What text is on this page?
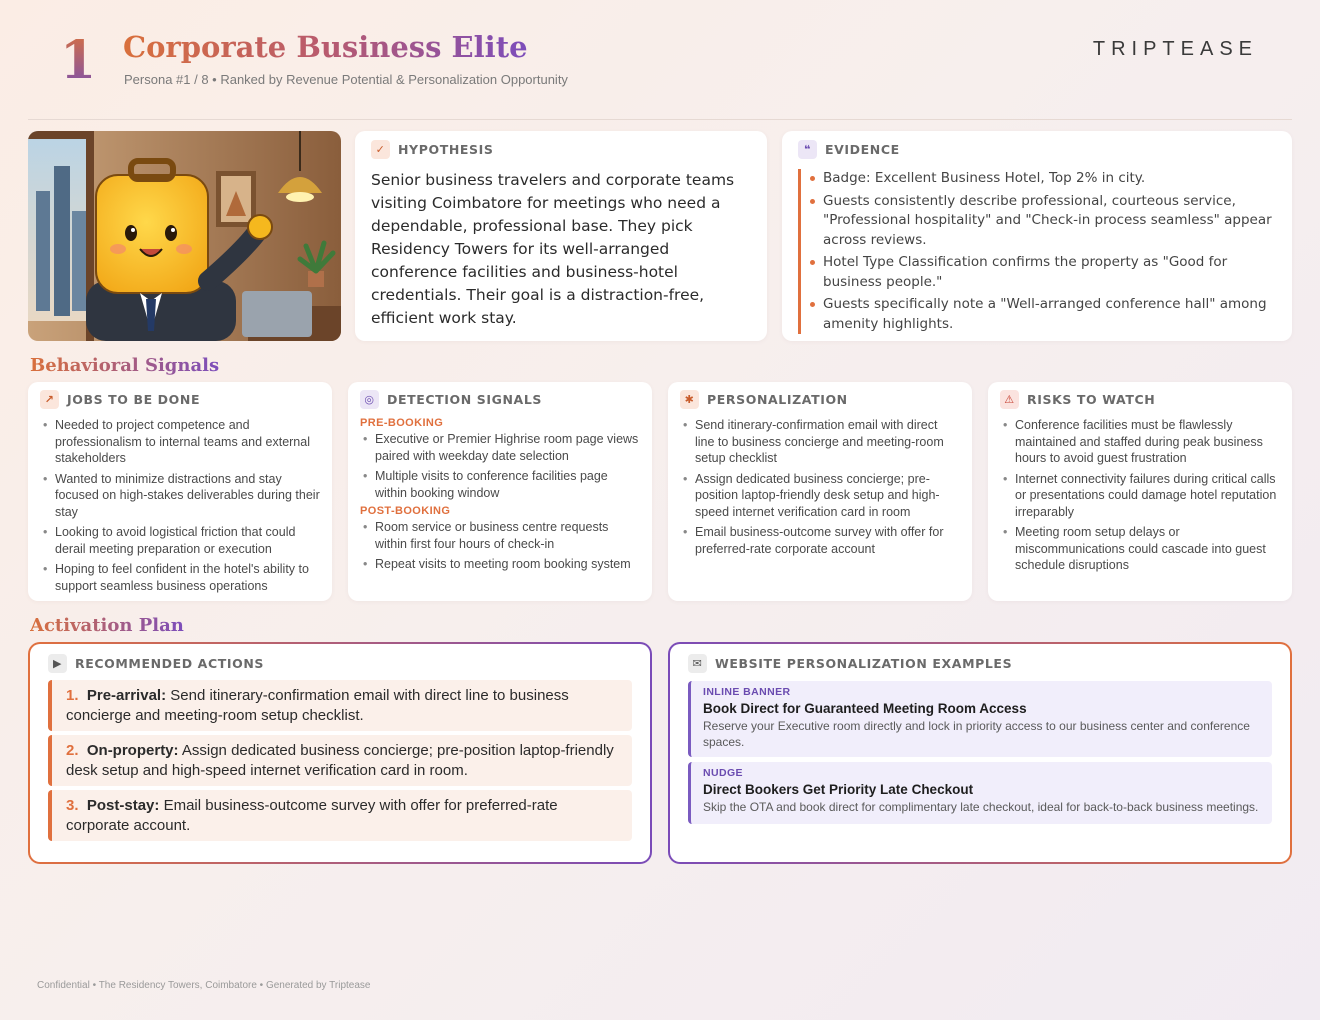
1 Corporate Business Elite
Persona #1 / 8 • Ranked by Revenue Potential & Personalization Opportunity
TRIPTEASE
✓	HYPOTHESIS

Senior business travelers and corporate teams visiting Coimbatore for meetings who need a dependable, professional base. They pick Residency Towers for its well-arranged conference facilities and business-hotel credentials. Their goal is a distraction-free, efficient work stay.

❝	EVIDENCE
Badge: Excellent Business Hotel, Top 2% in city.
Guests consistently describe professional, courteous service, "Professional hospitality" and "Check-in process seamless" appear across reviews.
Hotel Type Classification confirms the property as "Good for business people."
Guests specifically note a "Well-arranged conference hall" among amenity highlights.
Behavioral Signals
↗	JOBS TO BE DONE
• Needed to project competence and professionalism to internal teams and external stakeholders
• Wanted to minimize distractions and stay focused on high-stakes deliverables during their stay
• Looking to avoid logistical friction that could derail meeting preparation or execution
• Hoping to feel confident in the hotel's ability to support seamless business operations
◎ DETECTION SIGNALS
PRE-BOOKING
• Executive or Premier Highrise room page views paired with weekday date selection
• Multiple visits to conference facilities page within booking window
POST-BOOKING
• Room service or business centre requests within first four hours of check-in
• Repeat visits to meeting room booking system
✱	PERSONALIZATION
• Send itinerary-confirmation email with direct line to business concierge and meeting-room setup checklist
• Assign dedicated business concierge; pre-position laptop-friendly desk setup and high-speed internet verification card in room
• Email business-outcome survey with offer for preferred-rate corporate account
⚠ RISKS TO WATCH
• Conference facilities must be flawlessly maintained and staffed during peak business hours to avoid guest frustration
• Internet connectivity failures during critical calls or presentations could damage hotel reputation irreparably
• Meeting room setup delays or miscommunications could cascade into guest schedule disruptions
Activation Plan
▶	RECOMMENDED ACTIONS
1. Pre-arrival: Send itinerary-confirmation email with direct line to business concierge and meeting-room setup checklist.
2. On-property: Assign dedicated business concierge; pre-position laptop-friendly desk setup and high-speed internet verification card in room.
3. Post-stay: Email business-outcome survey with offer for preferred-rate corporate account.
✉	WEBSITE PERSONALIZATION EXAMPLES
INLINE BANNER
Book Direct for Guaranteed Meeting Room Access
Reserve your Executive room directly and lock in priority access to our business center and conference spaces.
NUDGE
Direct Bookers Get Priority Late Checkout
Skip the OTA and book direct for complimentary late checkout, ideal for back-to-back business meetings.
Confidential • The Residency Towers, Coimbatore • Generated by Triptease
